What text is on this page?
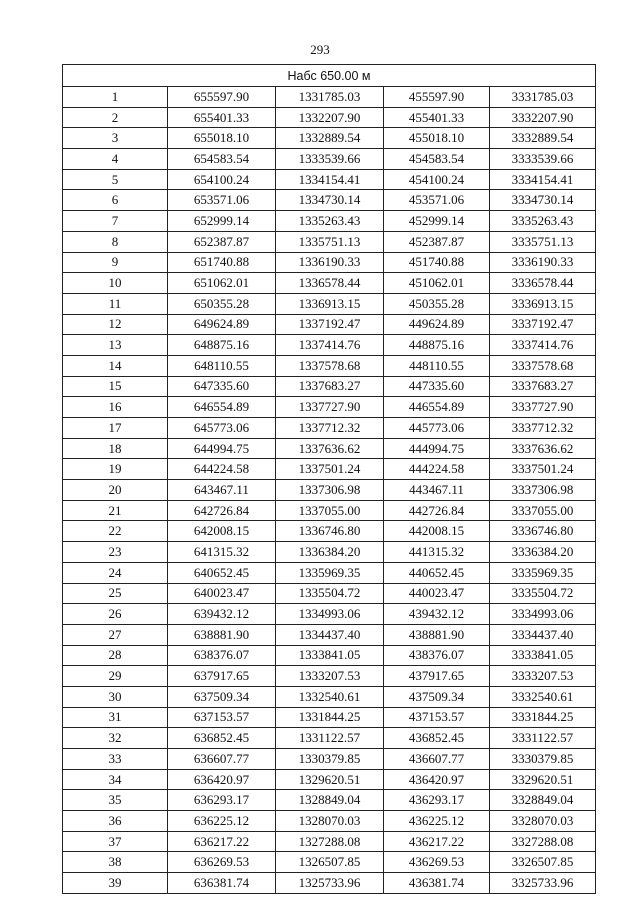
293
Набс 650.00 м				
1	655597.90	1331785.03	455597.90	3331785.03
2	655401.33	1332207.90	455401.33	3332207.90
3	655018.10	1332889.54	455018.10	3332889.54
4	654583.54	1333539.66	454583.54	3333539.66
5	654100.24	1334154.41	454100.24	3334154.41
6	653571.06	1334730.14	453571.06	3334730.14
7	652999.14	1335263.43	452999.14	3335263.43
8	652387.87	1335751.13	452387.87	3335751.13
9	651740.88	1336190.33	451740.88	3336190.33
10	651062.01	1336578.44	451062.01	3336578.44
11	650355.28	1336913.15	450355.28	3336913.15
12	649624.89	1337192.47	449624.89	3337192.47
13	648875.16	1337414.76	448875.16	3337414.76
14	648110.55	1337578.68	448110.55	3337578.68
15	647335.60	1337683.27	447335.60	3337683.27
16	646554.89	1337727.90	446554.89	3337727.90
17	645773.06	1337712.32	445773.06	3337712.32
18	644994.75	1337636.62	444994.75	3337636.62
19	644224.58	1337501.24	444224.58	3337501.24
20	643467.11	1337306.98	443467.11	3337306.98
21	642726.84	1337055.00	442726.84	3337055.00
22	642008.15	1336746.80	442008.15	3336746.80
23	641315.32	1336384.20	441315.32	3336384.20
24	640652.45	1335969.35	440652.45	3335969.35
25	640023.47	1335504.72	440023.47	3335504.72
26	639432.12	1334993.06	439432.12	3334993.06
27	638881.90	1334437.40	438881.90	3334437.40
28	638376.07	1333841.05	438376.07	3333841.05
29	637917.65	1333207.53	437917.65	3333207.53
30	637509.34	1332540.61	437509.34	3332540.61
31	637153.57	1331844.25	437153.57	3331844.25
32	636852.45	1331122.57	436852.45	3331122.57
33	636607.77	1330379.85	436607.77	3330379.85
34	636420.97	1329620.51	436420.97	3329620.51
35	636293.17	1328849.04	436293.17	3328849.04
36	636225.12	1328070.03	436225.12	3328070.03
37	636217.22	1327288.08	436217.22	3327288.08
38	636269.53	1326507.85	436269.53	3326507.85
39	636381.74	1325733.96	436381.74	3325733.96
